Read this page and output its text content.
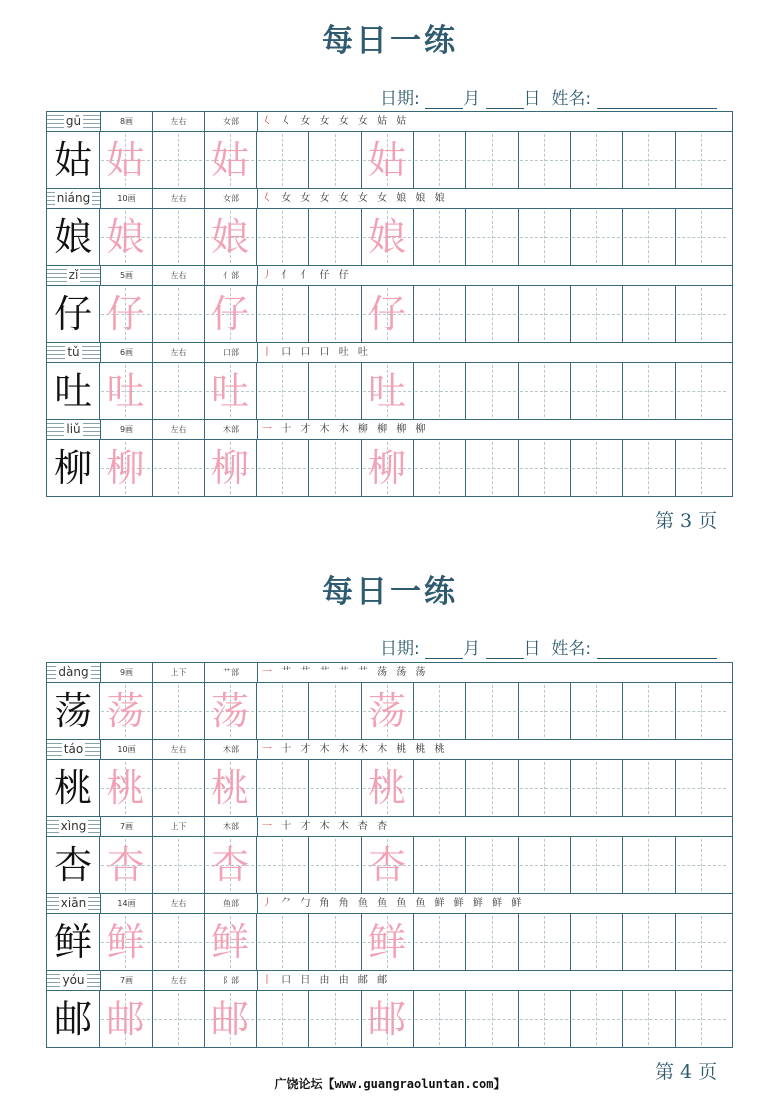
每日一练
日期:	月	日 姓名:
gū	8画	左右	女部	𡿨 𡿨 女 女 女 女 姑 姑
姑 姑 姑	姑
niáng	10画	左右	女部	𡿨 女 女 女 女 女 女 娘 娘 娘
娘 娘 娘	娘
zǐ	5画	左右	亻部	丿 亻 亻 仔 仔
仔 仔 仔	仔
tǔ	6画	左右	口部	丨 口 口 口 吐 吐
吐 吐 吐	吐
liǔ	9画	左右	木部	一 十 才 木 木 柳 柳 柳 柳
柳 柳 柳	柳
第 3 页
每日一练
日期:	月	日 姓名:
dàng	9画	上下	艹部	一 艹 艹 艹 艹 艹 荡 荡 荡
荡 荡 荡	荡
táo	10画	左右	木部	一 十 才 木 木 木 木 桃 桃 桃
桃 桃 桃	桃
xìng	7画	上下	木部	一 十 才 木 木 杏 杏
杏 杏 杏	杏
xiān	14画	左右	鱼部	丿 ⺈ 勹 角 角 鱼 鱼 鱼 鱼 鲜 鲜 鲜 鲜 鲜
鲜 鲜 鲜	鲜
yóu	7画	左右	阝部	丨 口 日 由 由 邮 邮
邮 邮 邮	邮
第 4 页
广饶论坛【www.guangraoluntan.com】
